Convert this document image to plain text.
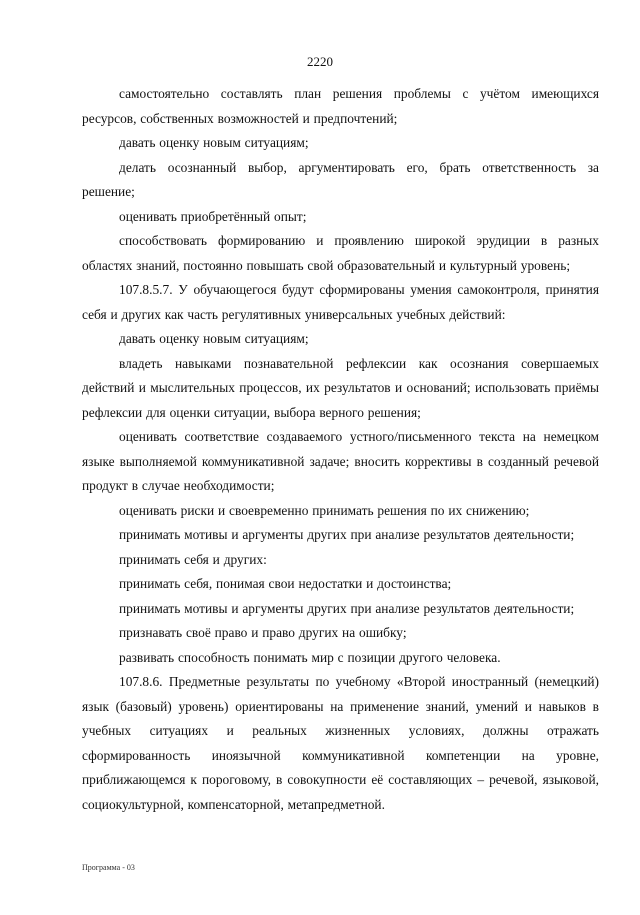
2220

самостоятельно составлять план решения проблемы с учётом имеющихся ресурсов, собственных возможностей и предпочтений;

давать оценку новым ситуациям;

делать осознанный выбор, аргументировать его, брать ответственность за решение;

оценивать приобретённый опыт;

способствовать формированию и проявлению широкой эрудиции в разных областях знаний, постоянно повышать свой образовательный и культурный уровень;

107.8.5.7. У обучающегося будут сформированы умения самоконтроля, принятия себя и других как часть регулятивных универсальных учебных действий:

давать оценку новым ситуациям;

владеть навыками познавательной рефлексии как осознания совершаемых действий и мыслительных процессов, их результатов и оснований; использовать приёмы рефлексии для оценки ситуации, выбора верного решения;

оценивать соответствие создаваемого устного/письменного текста на немецком языке выполняемой коммуникативной задаче; вносить коррективы в созданный речевой продукт в случае необходимости;

оценивать риски и своевременно принимать решения по их снижению;

принимать мотивы и аргументы других при анализе результатов деятельности;

принимать себя и других:

принимать себя, понимая свои недостатки и достоинства;

принимать мотивы и аргументы других при анализе результатов деятельности;

признавать своё право и право других на ошибку;

развивать способность понимать мир с позиции другого человека.

107.8.6. Предметные результаты по учебному «Второй иностранный (немецкий) язык (базовый) уровень) ориентированы на применение знаний, умений и навыков в учебных ситуациях и реальных жизненных условиях, должны отражать сформированность иноязычной коммуникативной компетенции на уровне, приближающемся к пороговому, в совокупности её составляющих – речевой, языковой, социокультурной, компенсаторной, метапредметной.

Программа - 03
